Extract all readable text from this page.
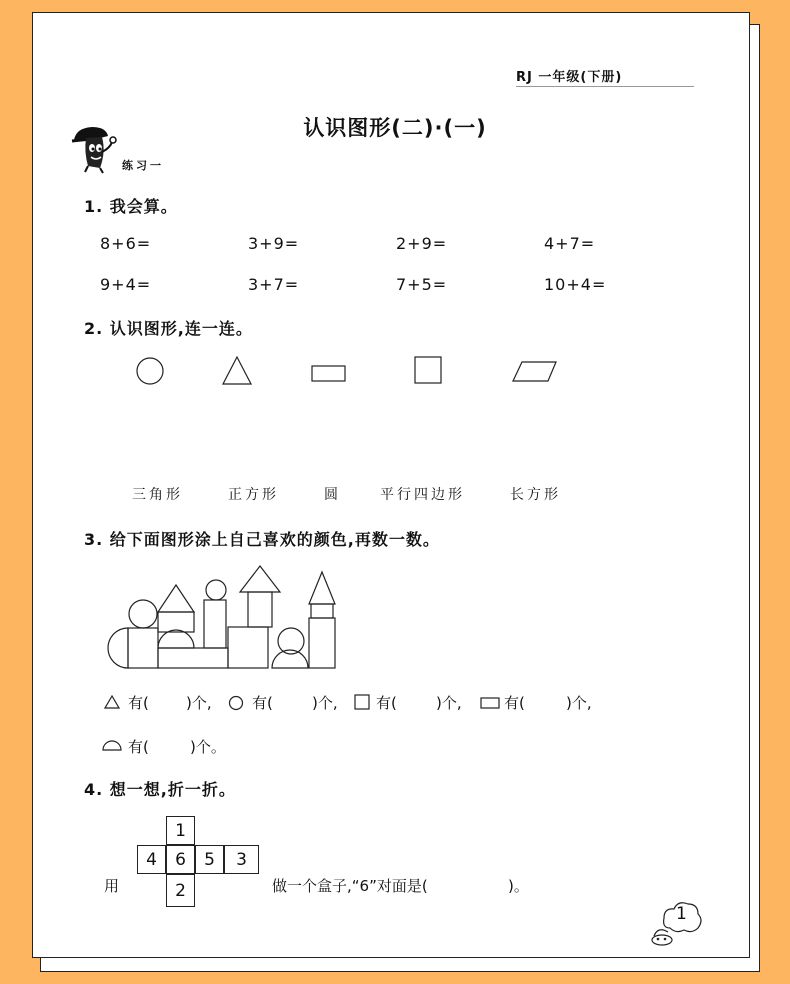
RJ 一年级(下册)
认识图形(二)·(一)
练习一
1. 我会算。
8+6=	3+9=	2+9=	4+7=
9+4=	3+7=	7+5=	10+4=
2. 认识图形,连一连。
三角形	正方形	圆	平行四边形	长方形
3. 给下面图形涂上自己喜欢的颜色,再数一数。
有( )个,	有(	)个,	有(	)个,	有(	)个,
有(	)个。
4. 想一想,折一折。
用
1
4	6	5	3
2	做一个盒子,“6”对面是(	)。
1
